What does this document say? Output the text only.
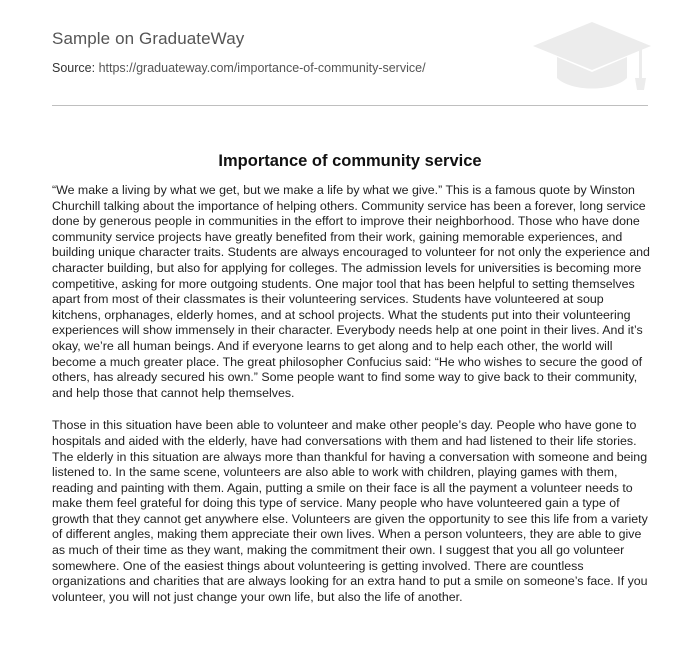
Sample on GraduateWay
Source: https://graduateway.com/importance-of-community-service/
Importance of community service

“We make a living by what we get, but we make a life by what we give.” This is a famous quote by Winston Churchill talking about the importance of helping others. Community service has been a forever, long service done by generous people in communities in the effort to improve their neighborhood. Those who have done community service projects have greatly benefited from their work, gaining memorable experiences, and building unique character traits. Students are always encouraged to volunteer for not only the experience and character building, but also for applying for colleges. The admission levels for universities is becoming more competitive, asking for more outgoing students. One major tool that has been helpful to setting themselves apart from most of their classmates is their volunteering services. Students have volunteered at soup kitchens, orphanages, elderly homes, and at school projects. What the students put into their volunteering experiences will show immensely in their character. Everybody needs help at one point in their lives. And it’s okay, we’re all human beings. And if everyone learns to get along and to help each other, the world will become a much greater place. The great philosopher Confucius said: “He who wishes to secure the good of others, has already secured his own.” Some people want to find some way to give back to their community, and help those that cannot help themselves.

Those in this situation have been able to volunteer and make other people’s day. People who have gone to hospitals and aided with the elderly, have had conversations with them and had listened to their life stories. The elderly in this situation are always more than thankful for having a conversation with someone and being listened to. In the same scene, volunteers are also able to work with children, playing games with them, reading and painting with them. Again, putting a smile on their face is all the payment a volunteer needs to make them feel grateful for doing this type of service. Many people who have volunteered gain a type of growth that they cannot get anywhere else. Volunteers are given the opportunity to see this life from a variety of different angles, making them appreciate their own lives. When a person volunteers, they are able to give as much of their time as they want, making the commitment their own. I suggest that you all go volunteer somewhere. One of the easiest things about volunteering is getting involved. There are countless organizations and charities that are always looking for an extra hand to put a smile on someone’s face. If you volunteer, you will not just change your own life, but also the life of another.
